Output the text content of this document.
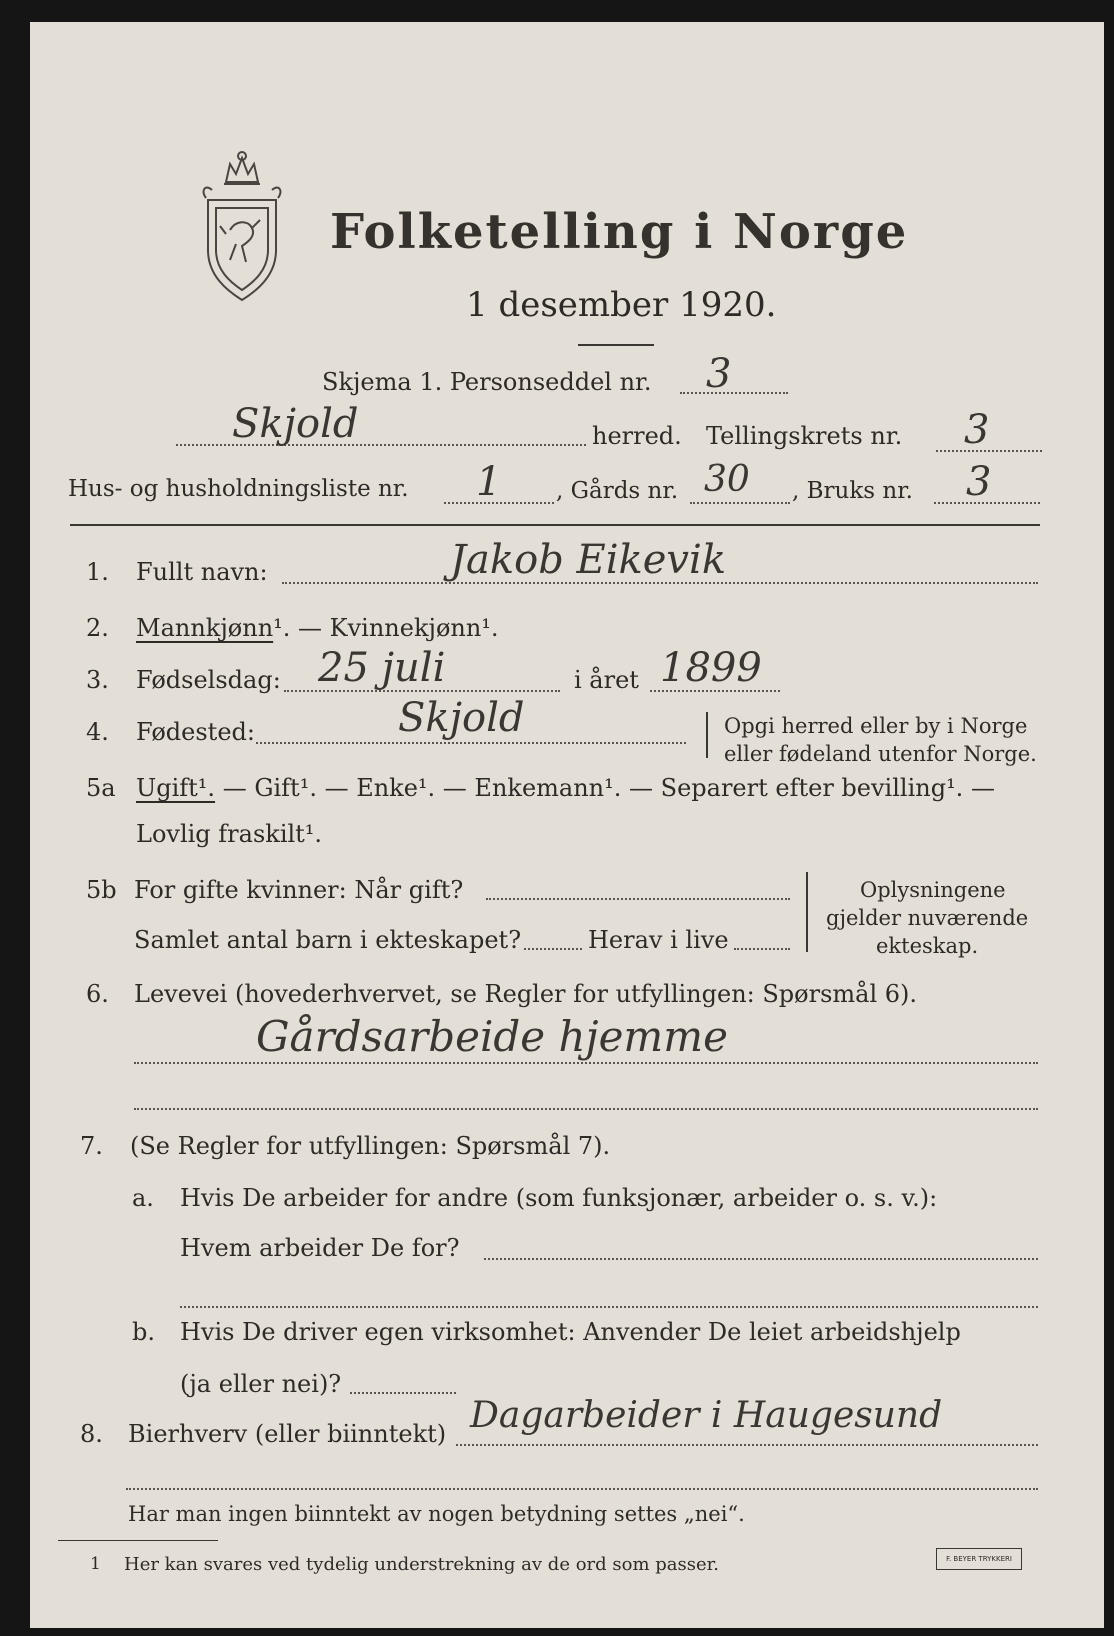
Folketelling i Norge
1 desember 1920.
Skjema 1. Personseddel nr. 3
Skjold	herred. Tellingskrets nr. 3
Hus- og husholdningsliste nr. 1 , Gårds nr. 30 , Bruks nr. 3
1. Fullt navn:	Jakob Eikevik
2. Mannkjønn¹. — Kvinnekjønn¹.
3. Fødselsdag: 25 juli	i året 1899
4. Fødested:	Skjold	Opgi herred eller by i Norge
eller fødeland utenfor Norge.
5a Ugift¹. — Gift¹. — Enke¹. — Enkemann¹. — Separert efter bevilling¹. —
Lovlig fraskilt¹.
5b For gifte kvinner: Når gift?
Samlet antal barn i ekteskapet?	Herav i live
Oplysningene
gjelder nuværende
ekteskap.
6. Levevei (hovederhvervet, se Regler for utfyllingen: Spørsmål 6).
Gårdsarbeide hjemme
7. (Se Regler for utfyllingen: Spørsmål 7).
a. Hvis De arbeider for andre (som funksjonær, arbeider o. s. v.):
Hvem arbeider De for?
b. Hvis De driver egen virksomhet: Anvender De leiet arbeidshjelp
(ja eller nei)?
8. Bierhverv (eller biinntekt) Dagarbeider i Haugesund
Har man ingen biinntekt av nogen betydning settes „nei“.
1 Her kan svares ved tydelig understrekning av de ord som passer.	F. BEYER TRYKKERI
